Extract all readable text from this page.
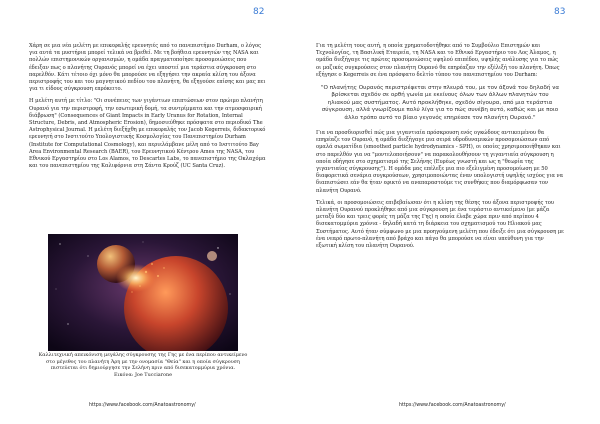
82

Χάρη σε μια νέα μελέτη με επικεφαλής ερευνητές από το πανεπιστήμιο Durham, ο λόγος για αυτά τα μυστήρια μπορεί τελικά να βρεθεί. Με τη βοήθεια ερευνητών της NASA και πολλών επιστημονικών οργανισμών, η ομάδα πραγματοποίησε προσομοιώσεις που έδειξαν πως ο πλανήτης Ουρανός μπορεί να έχει υποστεί μια τεράστια σύγκρουση στο παρελθόν. Κάτι τέτοιο όχι μόνο θα μπορούσε να εξηγήσει την ακραία κλίση του άξονα περιστροφής του και του μαγνητικού πεδίου του πλανήτη, θα εξηγούσε επίσης και μας πει για τι είδους σύγκρουση επρόκειτο.

Η μελέτη αυτή με τίτλο: "Οι συνέπειες των γιγάντιων επιπτώσεων στον πρώιμο πλανήτη Ουρανό για την περιστροφή, την εσωτερική δομή, τα συντρίμματα και την ατμοσφαιρική διάβρωση" (Consequences of Giant Impacts in Early Uranus for Rotation, Internal Structure, Debris, and Atmospheric Erosion), δημοσιεύθηκε πρόσφατα στο περιοδικό The Astrophysical Journal. Η μελέτη διεξήχθη με επικεφαλής τον Jacob Kegerreis, διδακτορικό ερευνητή στο Ινστιτούτο Υπολογιστικής Κοσμολογίας του Πανεπιστημίου Durham (Institute for Computational Cosmology), και περιελάμβανε μέλη από το Ινστιτούτο Bay Area Environmental Research (BAER), του Ερευνητικού Κέντρου Ames της NASA, του Εθνικού Εργαστηρίου στο Los Alamos, το Descartes Labs, το πανεπιστήμιο της Οκλαχόμα και του πανεπιστημίου της Καλιφόρνια στη Σάντα Κρούζ (UC Santa Cruz).

Καλλιτεχνική απεικόνιση μεγάλης σύγκρουσης της Γης με ένα περίπου αντικείμενο στο μέγεθος του πλανήτη Άρη με την ονομασία "Θεία" και η οποία σύγκρουση πιστεύεται ότι δημιούργησε την Σελήνη πριν από δισεκατομμύρια χρόνια.
Εικόνα: Joe Tucciarone
https://www.facebook.com/Anatoastronomy/
83

Για τη μελέτη τους αυτή, η οποία χρηματοδοτήθηκε από το Συμβούλιο Επιστημών και Τεχνολογίας, τη Βασιλική Εταιρεία, τη NASA και το Εθνικό Εργαστήριο του Λος Άλαμος, η ομάδα διεξήγαγε τις πρώτες προσομοιώσεις υψηλού επιπέδου, υψηλής ανάλυσης για το πώς οι μαζικές συγκρούσεις στον πλανήτη Ουρανό θα επηρέαζαν την εξέλιξή του πλανήτη. Όπως εξήγησε ο Kegerreis σε ένα πρόσφατο δελτίο τύπου του πανεπιστημίου του Durham:

"Ο πλανήτης Ουρανός περιστρέφεται στην πλευρά του, με τον άξονά του δηλαδή να βρίσκεται σχεδόν σε ορθή γωνία με εκείνους όλων των άλλων πλανητών του ηλιακού μας συστήματος. Αυτό προκλήθηκε, σχεδόν σίγουρα, από μια τεράστια σύγκρουση, αλλά γνωρίζουμε πολύ λίγα για το πώς συνέβη αυτό, καθώς και με ποιο άλλο τρόπο αυτό το βίαιο γεγονός επηρέασε τον πλανήτη Ουρανό."

Για να προσδιορισθεί πώς μια γιγαντιαία πρόσκρουση ενός ογκώδους αντικειμένου θα επηρέαζε τον Ουρανό, η ομάδα διεξήγαγε μια σειρά υδροδυναμικών προσομοιώσεων από ομαλά σωματίδια (smoothed particle hydrodynamics - SPH), οι οποίες χρησιμοποιήθηκαν και στο παρελθόν για να "μοντελοποιήσουν" να παρακολουθήσουν τη γιγαντιαία σύγκρουση η οποία οδήγησε στο σχηματισμό της Σελήνης (Ευρέως γνωστή και ως η "θεωρία της γιγαντιαίας σύγκρουσης"). Η ομάδα μας επέλεξε μια πιο εξελιγμένη προσομοίωση με 50 διαφορετικά σενάρια συγκρούσεων, χρησιμοποιώντας έναν υπολογιστή υψηλής ισχύος για να διαπιστώσει εάν θα ήταν εφικτό να αναπαραστούμε τις συνθήκες που διαμόρφωσαν τον πλανήτη Ουρανό.

Τελικά, οι προσομοιώσεις επιβεβαίωσαν ότι η κλίση της θέσης του άξονα περιστροφής του πλανήτη Ουρανού προκλήθηκε από μια σύγκρουση με ένα τεράστιο αντικείμενο (με μάζα μεταξύ δύο και τρεις φορές τη μάζα της Γης) η οποία έλαβε χώρα πριν από περίπου 4 δισεκατομμύρια χρόνια - δηλαδή κατά τη διάρκεια του σχηματισμού του Ηλιακού μας Συστήματος. Αυτό ήταν σύμφωνο με μια προηγούμενη μελέτη που έδειξε ότι μια σύγκρουση με ένα νεαρό πρωτο-πλανήτη από βράχο και πάγο θα μπορούσε να είναι υπεύθυνη για την εξωτική κλίση του πλανήτη Ουρανού.

https://www.facebook.com/Anatoastronomy/
